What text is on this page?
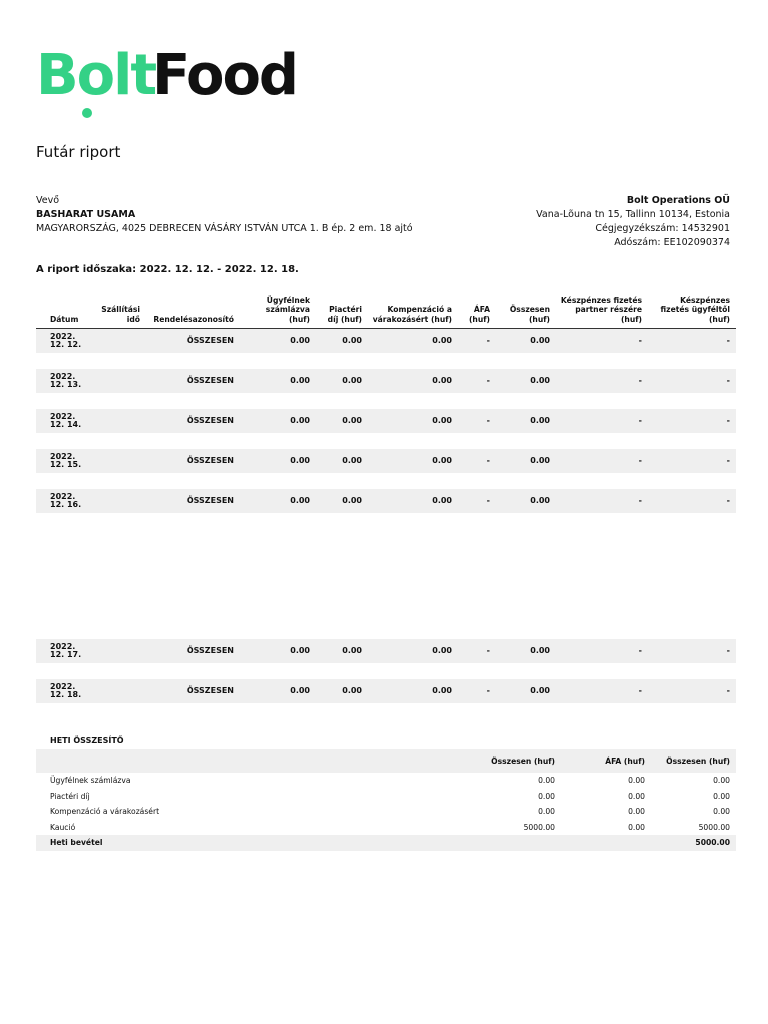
Bolt
Food
Futár riport
Vevő
BASHARAT USAMA
MAGYARORSZÁG, 4025 DEBRECEN VÁSÁRY ISTVÁN UTCA 1. B ép. 2 em. 18 ajtó
Bolt Operations OÜ
Vana-Lõuna tn 15, Tallinn 10134, Estonia
Cégjegyzékszám: 14532901
Adószám: EE102090374
A riport időszaka: 2022. 12. 12. - 2022. 12. 18.
Dátum	Szállítási idő	Rendelésazonosító	Ügyfélnek számlázva (huf)	Piactéri díj (huf)	Kompenzáció a várakozásért (huf)	ÁFA (huf)	Összesen (huf)	Készpénzes fizetés partner részére (huf)	Készpénzes fizetés ügyféltől (huf)
2022. 12. 12.		ÖSSZESEN	0.00	0.00	0.00	-	0.00	-	-

2022. 12. 13.		ÖSSZESEN	0.00	0.00	0.00	-	0.00	-	-

2022. 12. 14.		ÖSSZESEN	0.00	0.00	0.00	-	0.00	-	-

2022. 12. 15.		ÖSSZESEN	0.00	0.00	0.00	-	0.00	-	-

2022. 12. 16.		ÖSSZESEN	0.00	0.00	0.00	-	0.00	-	-

2022. 12. 17.		ÖSSZESEN	0.00	0.00	0.00	-	0.00	-	-

2022. 12. 18.		ÖSSZESEN	0.00	0.00	0.00	-	0.00	-	-
HETI ÖSSZESÍTŐ
	Összesen (huf)	ÁFA (huf)	Összesen (huf)
Ügyfélnek számlázva	0.00	0.00	0.00
Piactéri díj	0.00	0.00	0.00
Kompenzáció a várakozásért	0.00	0.00	0.00
Kaució	5000.00	0.00	5000.00
Heti bevétel			5000.00
